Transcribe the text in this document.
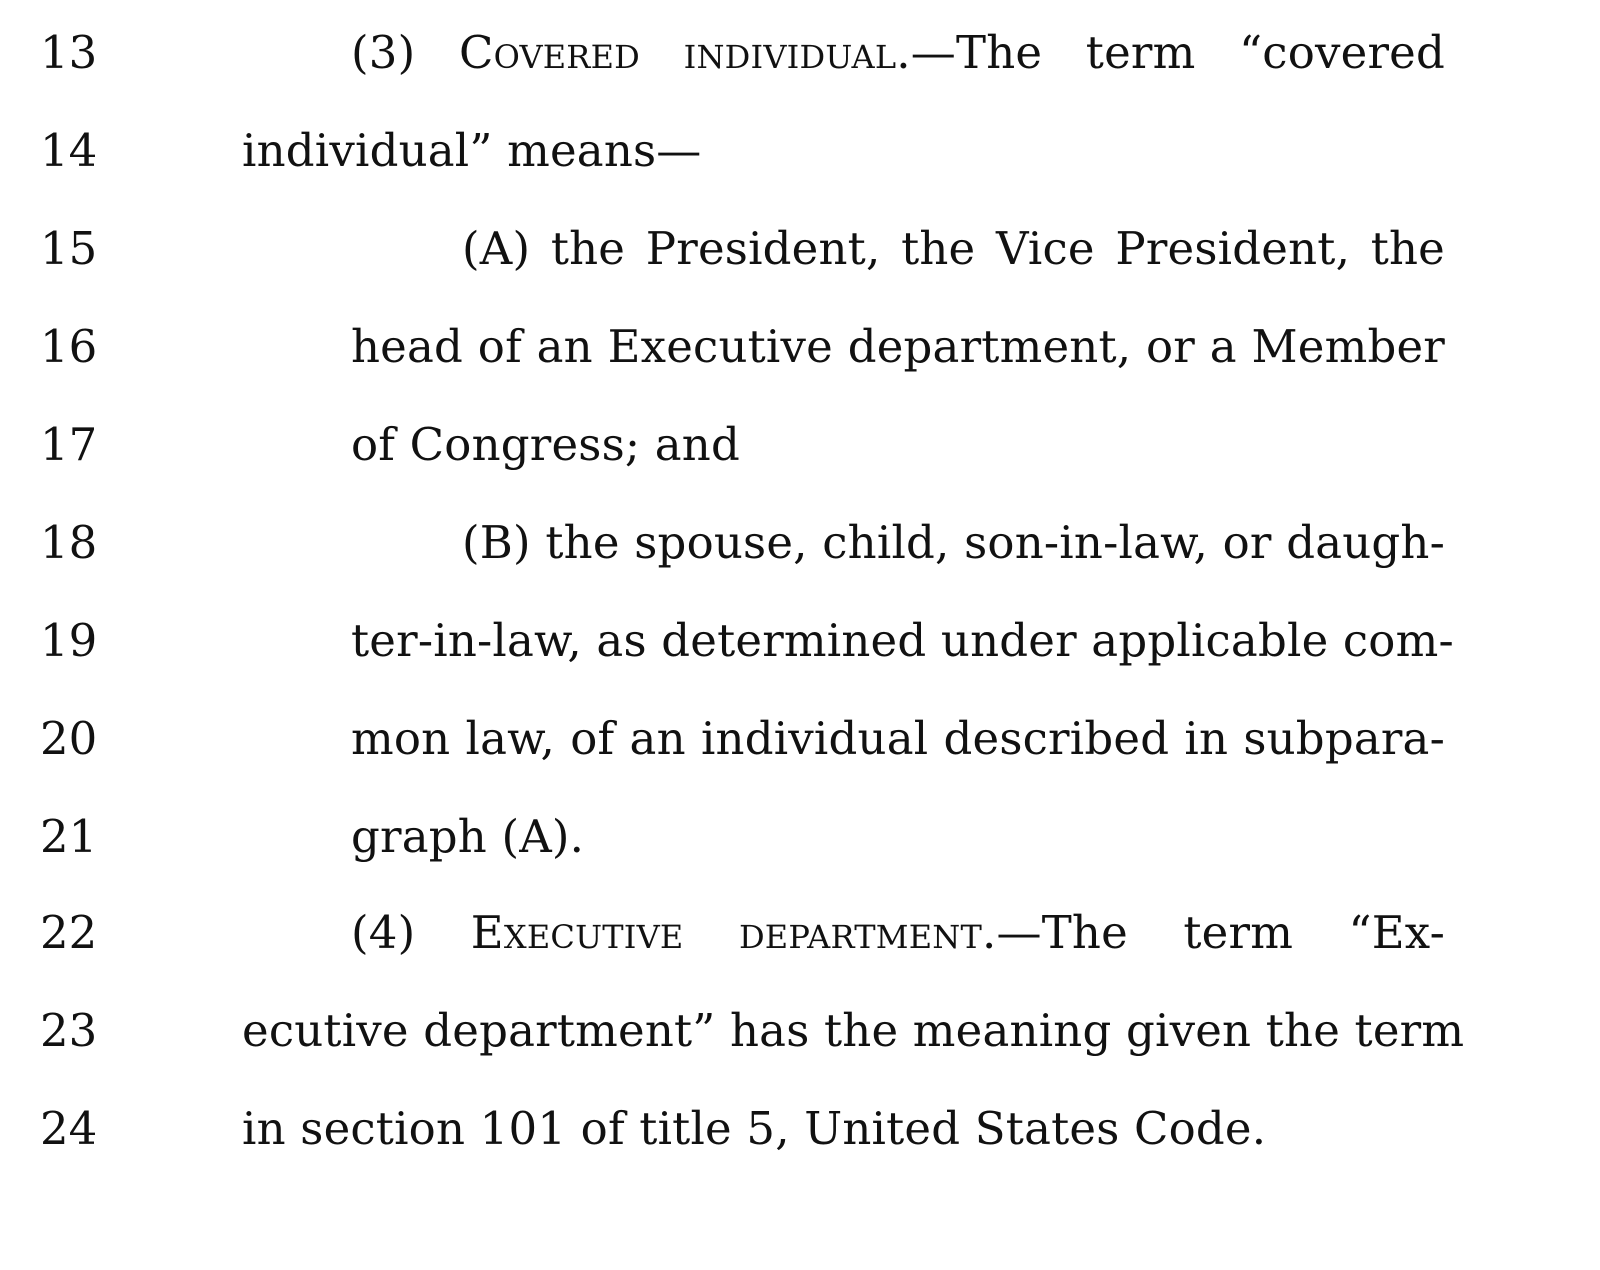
13	(3) Covered individual.—The term “covered
14	individual” means—
15	(A) the President, the Vice President, the
16	head of an Executive department, or a Member
17	of Congress; and
18	(B) the spouse, child, son-in-law, or daugh-
19	ter-in-law, as determined under applicable com-
20	mon law, of an individual described in subpara-
21	graph (A).
22	(4) Executive department.—The term “Ex-
23	ecutive department” has the meaning given the term
24	in section 101 of title 5, United States Code.
